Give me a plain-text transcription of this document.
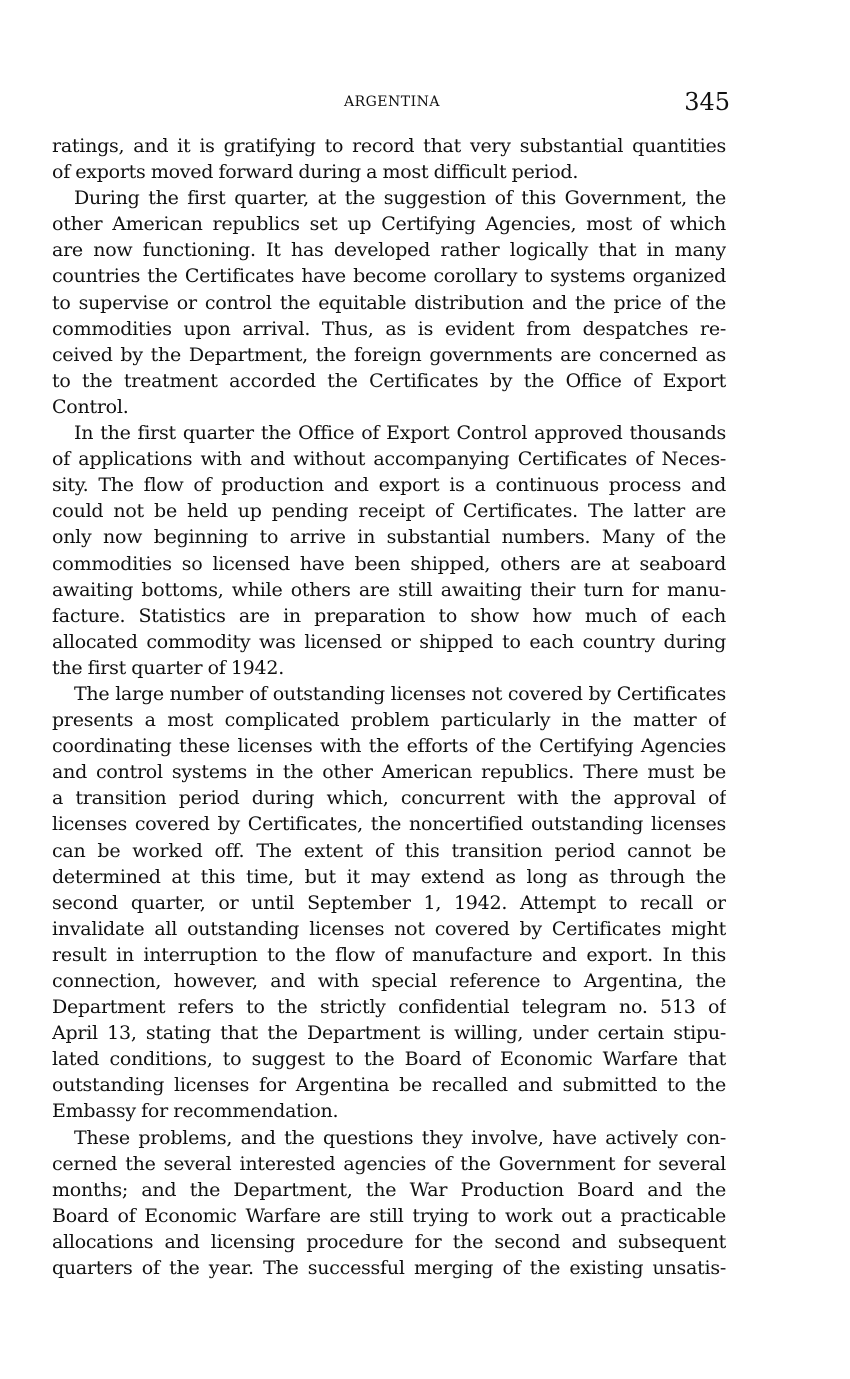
ARGENTINA	345
ratings, and it is gratifying to record that very substantial quantities
of exports moved forward during a most difficult period.
During the first quarter, at the suggestion of this Government, the
other American republics set up Certifying Agencies, most of which
are now functioning. It has developed rather logically that in many
countries the Certificates have become corollary to systems organized
to supervise or control the equitable distribution and the price of the
commodities upon arrival. Thus, as is evident from despatches re-
ceived by the Department, the foreign governments are concerned as
to the treatment accorded the Certificates by the Office of Export
Control.
In the first quarter the Office of Export Control approved thousands
of applications with and without accompanying Certificates of Neces-
sity. The flow of production and export is a continuous process and
could not be held up pending receipt of Certificates. The latter are
only now beginning to arrive in substantial numbers. Many of the
commodities so licensed have been shipped, others are at seaboard
awaiting bottoms, while others are still awaiting their turn for manu-
facture. Statistics are in preparation to show how much of each
allocated commodity was licensed or shipped to each country during
the first quarter of 1942.
The large number of outstanding licenses not covered by Certificates
presents a most complicated problem particularly in the matter of
coordinating these licenses with the efforts of the Certifying Agencies
and control systems in the other American republics. There must be
a transition period during which, concurrent with the approval of
licenses covered by Certificates, the noncertified outstanding licenses
can be worked off. The extent of this transition period cannot be
determined at this time, but it may extend as long as through the
second quarter, or until September 1, 1942. Attempt to recall or
invalidate all outstanding licenses not covered by Certificates might
result in interruption to the flow of manufacture and export. In this
connection, however, and with special reference to Argentina, the
Department refers to the strictly confidential telegram no. 513 of
April 13, stating that the Department is willing, under certain stipu-
lated conditions, to suggest to the Board of Economic Warfare that
outstanding licenses for Argentina be recalled and submitted to the
Embassy for recommendation.
These problems, and the questions they involve, have actively con-
cerned the several interested agencies of the Government for several
months; and the Department, the War Production Board and the
Board of Economic Warfare are still trying to work out a practicable
allocations and licensing procedure for the second and subsequent
quarters of the year. The successful merging of the existing unsatis-
